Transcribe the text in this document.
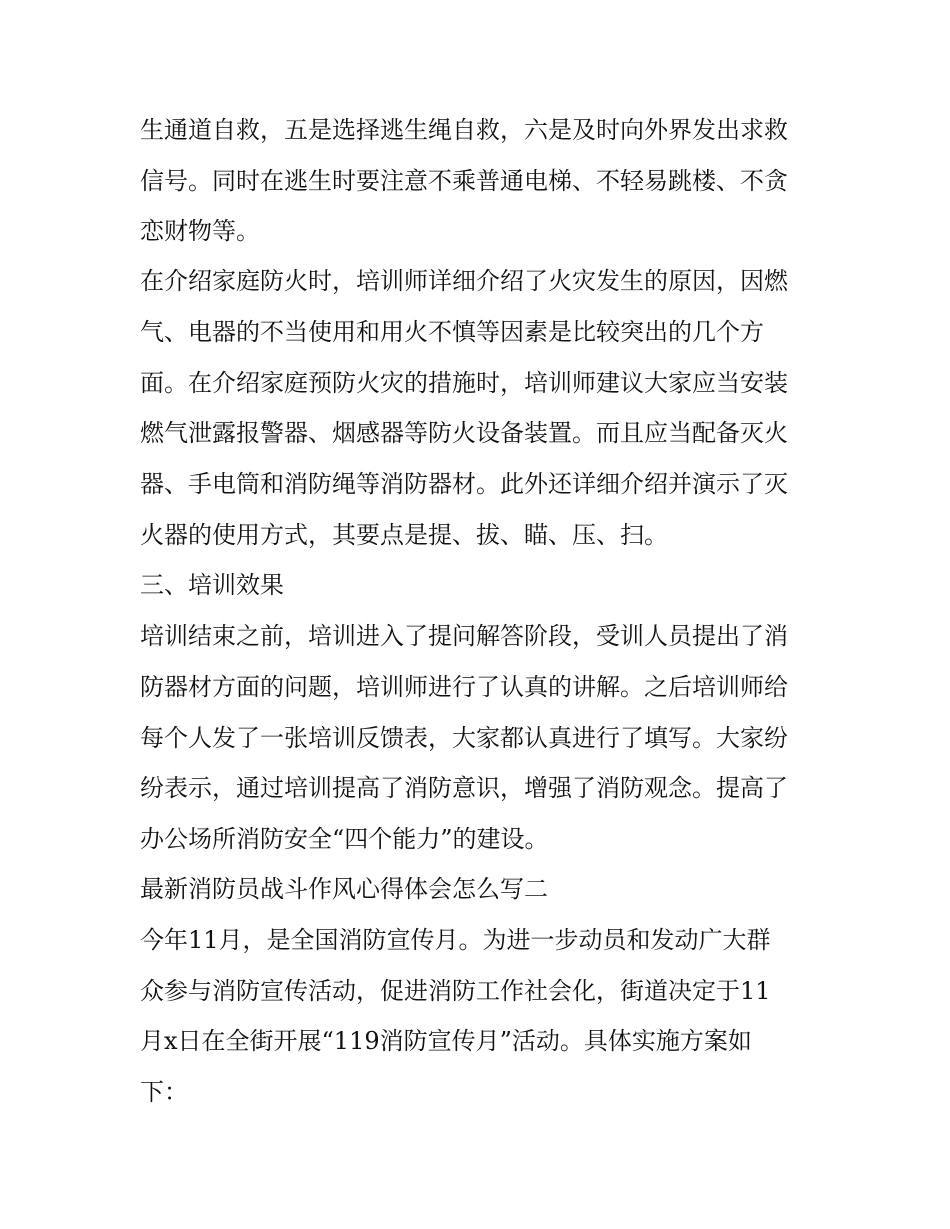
生通道自救，五是选择逃生绳自救，六是及时向外界发出求救
信号。同时在逃生时要注意不乘普通电梯、不轻易跳楼、不贪
恋财物等。
在介绍家庭防火时，培训师详细介绍了火灾发生的原因，因燃
气、电器的不当使用和用火不慎等因素是比较突出的几个方
面。在介绍家庭预防火灾的措施时，培训师建议大家应当安装
燃气泄露报警器、烟感器等防火设备装置。而且应当配备灭火
器、手电筒和消防绳等消防器材。此外还详细介绍并演示了灭
火器的使用方式，其要点是提、拔、瞄、压、扫。
三、培训效果
培训结束之前，培训进入了提问解答阶段，受训人员提出了消
防器材方面的问题，培训师进行了认真的讲解。之后培训师给
每个人发了一张培训反馈表，大家都认真进行了填写。大家纷
纷表示，通过培训提高了消防意识，增强了消防观念。提高了
办公场所消防安全“四个能力”的建设。
最新消防员战斗作风心得体会怎么写二
今年11月，是全国消防宣传月。为进一步动员和发动广大群
众参与消防宣传活动，促进消防工作社会化，街道决定于11
月x日在全街开展“119消防宣传月”活动。具体实施方案如
下：
